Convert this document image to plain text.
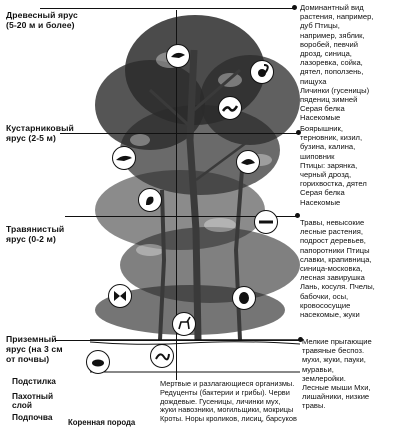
Древесный ярус
(5-20 м и более)
Кустарниковый
ярус (2-5 м)
Травянистый
ярус (0-2 м)
Приземный
ярус (на 3 см
от почвы)
Доминантный вид
растения, например,
дуб Птицы,
например, зяблик,
воробей, певчий
дрозд, синица,
лазоревка, сойка,
дятел, поползень,
пищуха
Личинки (гусеницы)
пядениц зимней
Серая белка
Насекомые
Боярышник,
терновник, кизил,
бузина, калина,
шиповник
Птицы: зарянка,
черный дрозд,
горихвостка, дятел
Серая белка
Насекомые
Травы, невысокие
лесные растения,
подрост деревьев,
папоротники Птицы
славки, крапивница,
синица-московка,
лесная завирушка
Лань, косуля. Пчелы,
бабочки, осы,
кровососущие
насекомые, жуки
Мелкие прыгающие
травяные беспоз.
мухи, жуки, пауки,
муравьи,
землеройки.
Лесные мыши Мхи,
лишайники, низкие
травы.
Подстилка
Пахотный
слой
Подпочва
Коренная порода
Мертвые и разлагающиеся организмы.
Редуценты (бактерии и грибы). Черви
дождевые. Гусеницы, личинки мух,
жуки навозники, могильщики, мокрицы
Кроты. Норы кроликов, лисиц, барсуков
